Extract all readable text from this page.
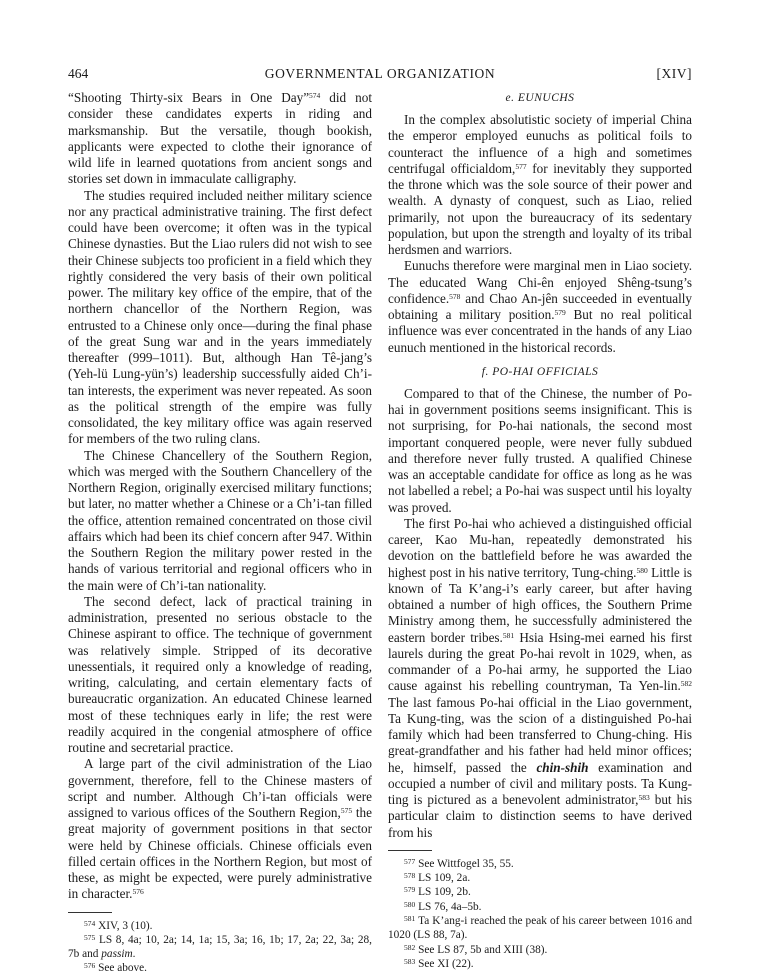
464	GOVERNMENTAL ORGANIZATION	[XIV]

“Shooting Thirty-six Bears in One Day”$^{574}$ did not consider these candidates experts in riding and marksmanship. But the versatile, though bookish, applicants were expected to clothe their ignorance of wild life in learned quotations from ancient songs and stories set down in immaculate calligraphy.

The studies required included neither military science nor any practical administrative training. The first defect could have been overcome; it often was in the typical Chinese dynasties. But the Liao rulers did not wish to see their Chinese subjects too proficient in a field which they rightly considered the very basis of their own political power. The military key office of the empire, that of the northern chancellor of the Northern Region, was entrusted to a Chinese only once—during the final phase of the great Sung war and in the years immediately thereafter (999–1011). But, although Han Tê-jang’s (Yeh-lü Lung-yün’s) leadership successfully aided Ch’i-tan interests, the experiment was never repeated. As soon as the political strength of the empire was fully consolidated, the key military office was again reserved for members of the two ruling clans.

The Chinese Chancellery of the Southern Region, which was merged with the Southern Chancellery of the Northern Region, originally exercised military functions; but later, no matter whether a Chinese or a Ch’i-tan filled the office, attention remained concentrated on those civil affairs which had been its chief concern after 947. Within the Southern Region the military power rested in the hands of various territorial and regional officers who in the main were of Ch’i-tan nationality.

The second defect, lack of practical training in administration, presented no serious obstacle to the Chinese aspirant to office. The technique of government was relatively simple. Stripped of its decorative unessentials, it required only a knowledge of reading, writing, calculating, and certain elementary facts of bureaucratic organization. An educated Chinese learned most of these techniques early in life; the rest were readily acquired in the congenial atmosphere of office routine and secretarial practice.

A large part of the civil administration of the Liao government, therefore, fell to the Chinese masters of script and number. Although Ch’i-tan officials were assigned to various offices of the Southern Region,$^{575}$ the great majority of government positions in that sector were held by Chinese officials. Chinese officials even filled certain offices in the Northern Region, but most of these, as might be expected, were purely administrative in character.$^{576}$

$^{574}$ XIV, 3 (10).

$^{575}$ LS 8, 4a; 10, 2a; 14, 1a; 15, 3a; 16, 1b; 17, 2a; 22, 3a; 28, 7b and passim.

$^{576}$ See above.

e. EUNUCHS

In the complex absolutistic society of imperial China the emperor employed eunuchs as political foils to counteract the influence of a high and sometimes centrifugal officialdom,$^{577}$ for inevitably they supported the throne which was the sole source of their power and wealth. A dynasty of conquest, such as Liao, relied primarily, not upon the bureaucracy of its sedentary population, but upon the strength and loyalty of its tribal herdsmen and warriors.

Eunuchs therefore were marginal men in Liao society. The educated Wang Chi-ên enjoyed Shêng-tsung’s confidence.$^{578}$ and Chao An-jên succeeded in eventually obtaining a military position.$^{579}$ But no real political influence was ever concentrated in the hands of any Liao eunuch mentioned in the historical records.

f. PO-HAI OFFICIALS

Compared to that of the Chinese, the number of Po-hai in government positions seems insignificant. This is not surprising, for Po-hai nationals, the second most important conquered people, were never fully subdued and therefore never fully trusted. A qualified Chinese was an acceptable candidate for office as long as he was not labelled a rebel; a Po-hai was suspect until his loyalty was proved.

The first Po-hai who achieved a distinguished official career, Kao Mu-han, repeatedly demonstrated his devotion on the battlefield before he was awarded the highest post in his native territory, Tung-ching.$^{580}$ Little is known of Ta K’ang-i’s early career, but after having obtained a number of high offices, the Southern Prime Ministry among them, he successfully administered the eastern border tribes.$^{581}$ Hsia Hsing-mei earned his first laurels during the great Po-hai revolt in 1029, when, as commander of a Po-hai army, he supported the Liao cause against his rebelling countryman, Ta Yen-lin.$^{582}$ The last famous Po-hai official in the Liao government, Ta Kung-ting, was the scion of a distinguished Po-hai family which had been transferred to Chung-ching. His great-grandfather and his father had held minor offices; he, himself, passed the chin-shih examination and occupied a number of civil and military posts. Ta Kung-ting is pictured as a benevolent administrator,$^{583}$ but his particular claim to distinction seems to have derived from his

$^{577}$ See Wittfogel 35, 55.

$^{578}$ LS 109, 2a.

$^{579}$ LS 109, 2b.

$^{580}$ LS 76, 4a–5b.

$^{581}$ Ta K’ang-i reached the peak of his career between 1016 and 1020 (LS 88, 7a).

$^{582}$ See LS 87, 5b and XIII (38).

$^{583}$ See XI (22).
